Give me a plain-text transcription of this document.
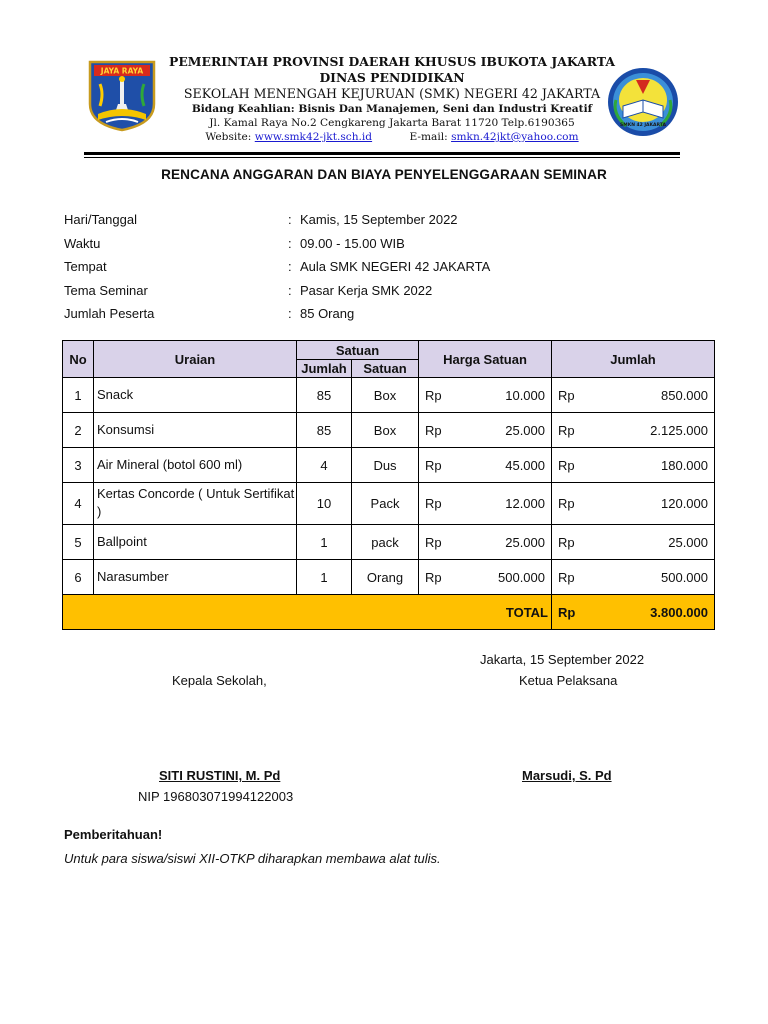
JAYA RAYA
PEMERINTAH PROVINSI DAERAH KHUSUS IBUKOTA JAKARTA
DINAS PENDIDIKAN
SEKOLAH MENENGAH KEJURUAN (SMK) NEGERI 42 JAKARTA
Bidang Keahlian: Bisnis Dan Manajemen, Seni dan Industri Kreatif
Jl. Kamal Raya No.2 Cengkareng Jakarta Barat 11720 Telp.6190365
Website: www.smk42-jkt.sch.id	E-mail: smkn.42jkt@yahoo.com
SMKN 42 JAKARTA
RENCANA ANGGARAN DAN BIAYA PENYELENGGARAAN SEMINAR
Hari/Tanggal	: Kamis, 15 September 2022
Waktu	: 09.00 - 15.00 WIB
Tempat	: Aula SMK NEGERI 42 JAKARTA
Tema Seminar	: Pasar Kerja SMK 2022
Jumlah Peserta	: 85 Orang
No	Uraian	Satuan		Harga Satuan		Jumlah	
		Jumlah	Satuan				
1	Snack	85	Box	Rp	10.000	Rp	850.000
2	Konsumsi	85	Box	Rp	25.000	Rp	2.125.000
3	Air Mineral (botol 600 ml)	4	Dus	Rp	45.000	Rp	180.000
4	Kertas Concorde ( Untuk Sertifikat )	10	Pack	Rp	12.000	Rp	120.000
5	Ballpoint	1	pack	Rp	25.000	Rp	25.000
6	Narasumber	1	Orang	Rp	500.000	Rp	500.000
TOTAL						Rp	3.800.000
Jakarta, 15 September 2022
Kepala Sekolah,	Ketua Pelaksana
SITI RUSTINI, M. Pd	Marsudi, S. Pd
NIP 196803071994122003
Pemberitahuan!
Untuk para siswa/siswi XII-OTKP diharapkan membawa alat tulis.
